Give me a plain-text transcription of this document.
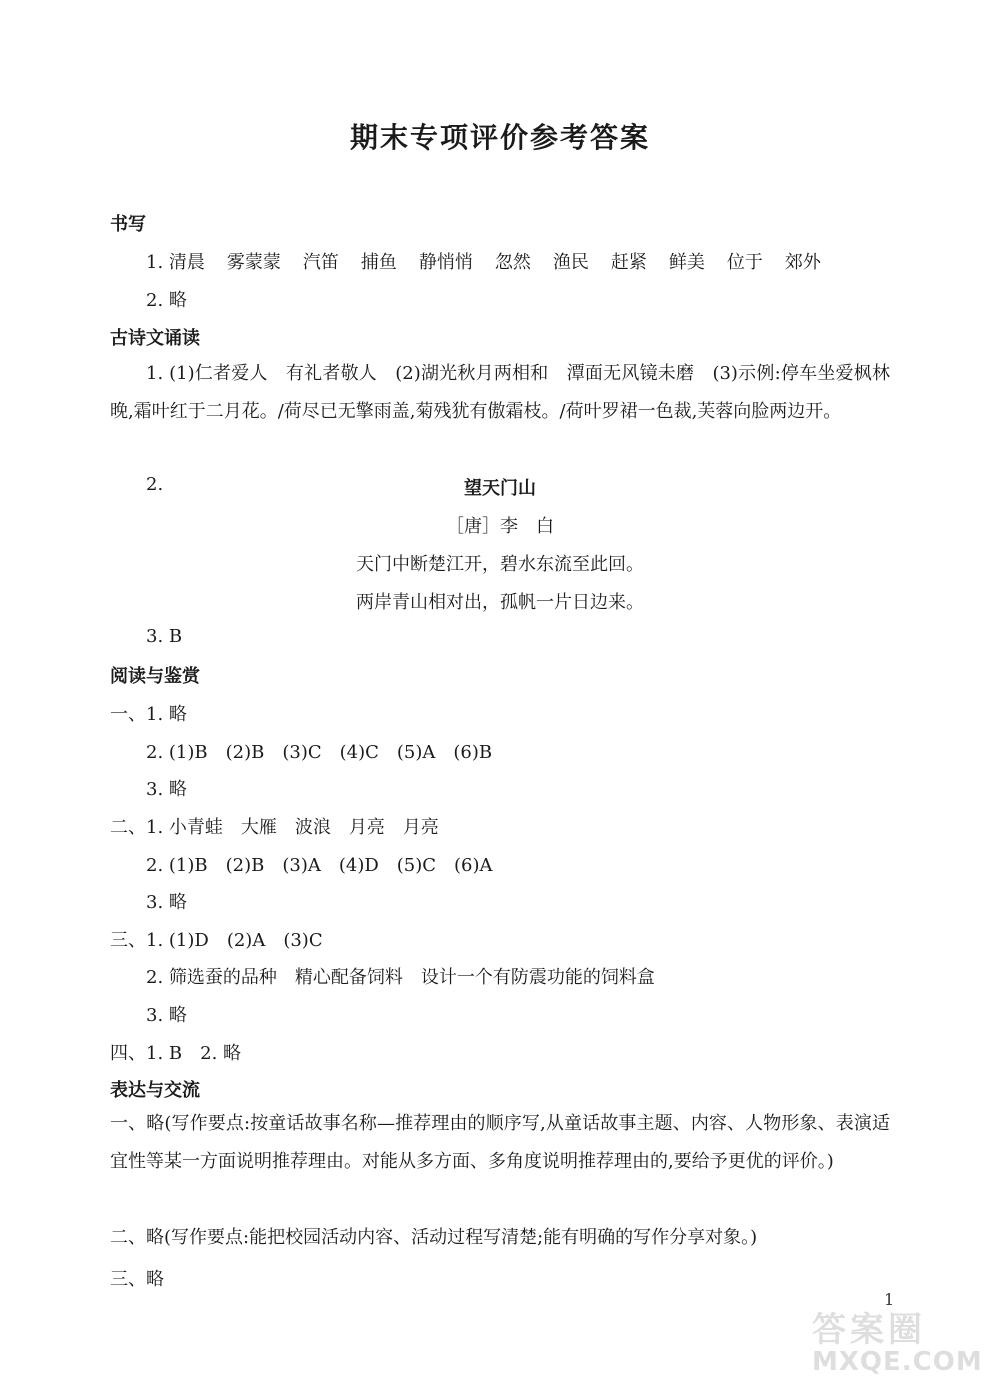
期末专项评价参考答案
书写
1. 清晨 雾蒙蒙 汽笛 捕鱼 静悄悄 忽然 渔民 赶紧 鲜美 位于 郊外
2. 略
古诗文诵读
1. (1)仁者爱人　有礼者敬人　(2)湖光秋月两相和　潭面无风镜未磨　(3)示例:停车坐爱枫林晚,霜叶红于二月花。/荷尽已无擎雨盖,菊残犹有傲霜枝。/荷叶罗裙一色裁,芙蓉向脸两边开。
2.	望天门山
［唐］李　白
天门中断楚江开，碧水东流至此回。
两岸青山相对出，孤帆一片日边来。
3. B
阅读与鉴赏
一、1. 略
2. (1)B　(2)B　(3)C　(4)C　(5)A　(6)B
3. 略
二、1. 小青蛙　大雁　波浪　月亮　月亮
2. (1)B　(2)B　(3)A　(4)D　(5)C　(6)A
3. 略
三、1. (1)D　(2)A　(3)C
2. 筛选蚕的品种　精心配备饲料　设计一个有防震功能的饲料盒
3. 略
四、1. B　2. 略
表达与交流
一、略(写作要点:按童话故事名称—推荐理由的顺序写,从童话故事主题、内容、人物形象、表演适宜性等某一方面说明推荐理由。对能从多方面、多角度说明推荐理由的,要给予更优的评价。)
二、略(写作要点:能把校园活动内容、活动过程写清楚;能有明确的写作分享对象。)
三、略
1
答案圈
MXQE.COM
